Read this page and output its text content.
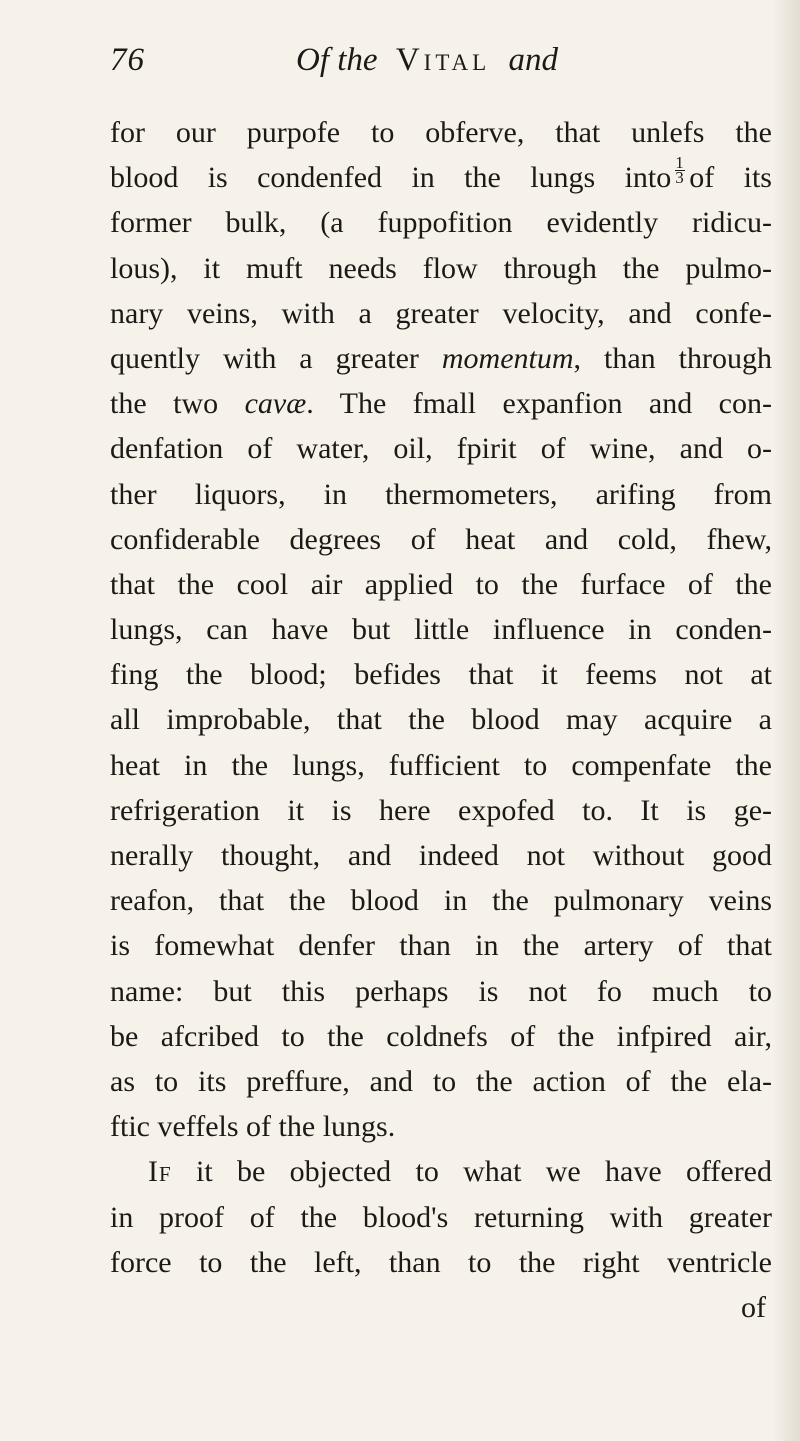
76	Of the Vital and
for our purpofe to obferve, that unlefs the
blood is condenfed in the lungs into $\frac{1}{3}$ of its
former bulk, (a fuppofition evidently ridicu-
lous), it muft needs flow through the pulmo-
nary veins, with a greater velocity, and confe-
quently with a greater momentum, than through
the two cavæ. The fmall expanfion and con-
denfation of water, oil, fpirit of wine, and o-
ther liquors, in thermometers, arifing from
confiderable degrees of heat and cold, fhew,
that the cool air applied to the furface of the
lungs, can have but little influence in conden-
fing the blood; befides that it feems not at
all improbable, that the blood may acquire a
heat in the lungs, fufficient to compenfate the
refrigeration it is here expofed to. It is ge-
nerally thought, and indeed not without good
reafon, that the blood in the pulmonary veins
is fomewhat denfer than in the artery of that
name: but this perhaps is not fo much to
be afcribed to the coldnefs of the infpired air,
as to its preffure, and to the action of the ela-
ftic veffels of the lungs.
If it be objected to what we have offered
in proof of the blood's returning with greater
force to the left, than to the right ventricle
of
